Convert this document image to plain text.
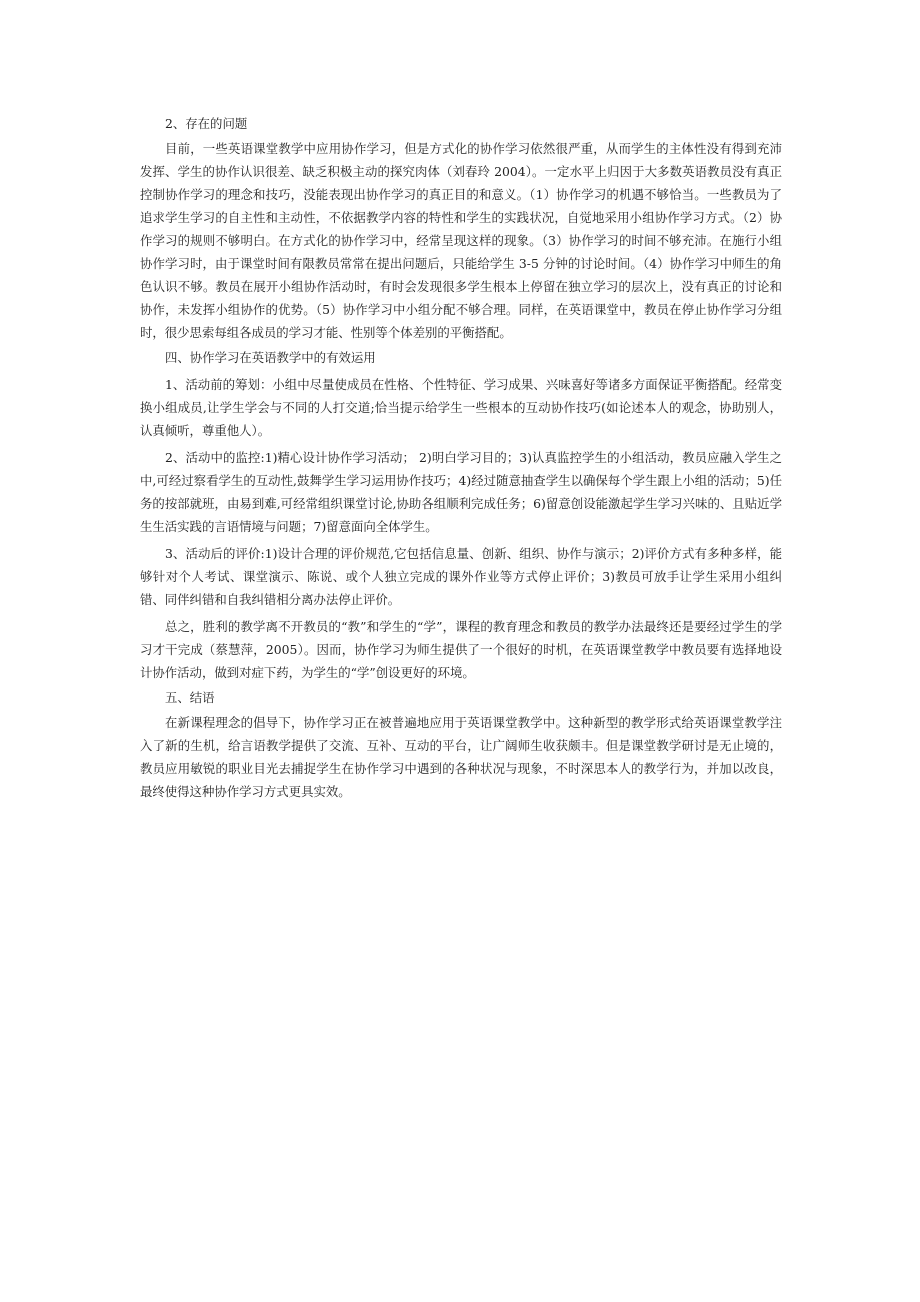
2、存在的问题

目前，一些英语课堂教学中应用协作学习，但是方式化的协作学习依然很严重，从而学生的主体性没有得到充沛发挥、学生的协作认识很差、缺乏积极主动的探究肉体（刘春玲 2004）。一定水平上归因于大多数英语教员没有真正控制协作学习的理念和技巧，没能表现出协作学习的真正目的和意义。（1）协作学习的机遇不够恰当。一些教员为了追求学生学习的自主性和主动性，不依据教学内容的特性和学生的实践状况，自觉地采用小组协作学习方式。（2）协作学习的规则不够明白。在方式化的协作学习中，经常呈现这样的现象。（3）协作学习的时间不够充沛。在施行小组协作学习时，由于课堂时间有限教员常常在提出问题后，只能给学生 3-5 分钟的讨论时间。（4）协作学习中师生的角色认识不够。教员在展开小组协作活动时，有时会发现很多学生根本上停留在独立学习的层次上，没有真正的讨论和协作，未发挥小组协作的优势。（5）协作学习中小组分配不够合理。同样，在英语课堂中，教员在停止协作学习分组时，很少思索每组各成员的学习才能、性别等个体差别的平衡搭配。

四、协作学习在英语教学中的有效运用

1、活动前的筹划：小组中尽量使成员在性格、个性特征、学习成果、兴味喜好等诸多方面保证平衡搭配。经常变换小组成员,让学生学会与不同的人打交道;恰当提示给学生一些根本的互动协作技巧(如论述本人的观念，协助别人，认真倾听，尊重他人）。

2、活动中的监控:1)精心设计协作学习活动； 2)明白学习目的；3)认真监控学生的小组活动，教员应融入学生之中,可经过察看学生的互动性,鼓舞学生学习运用协作技巧；4)经过随意抽查学生以确保每个学生跟上小组的活动；5)任务的按部就班，由易到难,可经常组织课堂讨论,协助各组顺利完成任务；6)留意创设能激起学生学习兴味的、且贴近学生生活实践的言语情境与问题；7)留意面向全体学生。

3、活动后的评价:1)设计合理的评价规范,它包括信息量、创新、组织、协作与演示；2)评价方式有多种多样，能够针对个人考试、课堂演示、陈说、或个人独立完成的课外作业等方式停止评价；3)教员可放手让学生采用小组纠错、同伴纠错和自我纠错相分离办法停止评价。

总之，胜利的教学离不开教员的“教”和学生的“学”，课程的教育理念和教员的教学办法最终还是要经过学生的学习才干完成（蔡慧萍，2005）。因而，协作学习为师生提供了一个很好的时机，在英语课堂教学中教员要有选择地设计协作活动，做到对症下药，为学生的“学”创设更好的环境。

五、结语

在新课程理念的倡导下，协作学习正在被普遍地应用于英语课堂教学中。这种新型的教学形式给英语课堂教学注入了新的生机，给言语教学提供了交流、互补、互动的平台，让广阔师生收获颇丰。但是课堂教学研讨是无止境的，教员应用敏锐的职业目光去捕捉学生在协作学习中遇到的各种状况与现象，不时深思本人的教学行为，并加以改良，最终使得这种协作学习方式更具实效。
